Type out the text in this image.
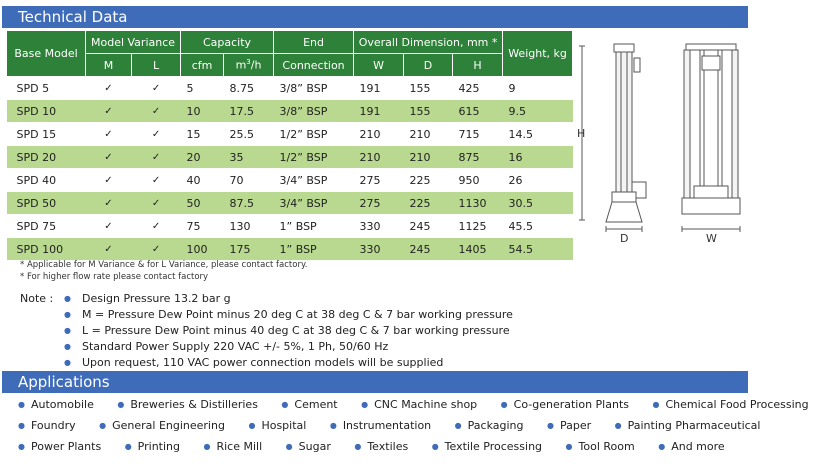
Technical Data
Base Model	Model Variance		Capacity		End	Overall Dimension, mm *			Weight, kg
	M	L	cfm	$m^3/h$	Connection	W	D	H	
SPD 5	✓	✓	5	8.75	3/8” BSP	191	155	425	9
SPD 10	✓	✓	10	17.5	3/8” BSP	191	155	615	9.5
SPD 15	✓	✓	15	25.5	1/2” BSP	210	210	715	14.5
SPD 20	✓	✓	20	35	1/2” BSP	210	210	875	16
SPD 40	✓	✓	40	70	3/4” BSP	275	225	950	26
SPD 50	✓	✓	50	87.5	3/4” BSP	275	225	1130	30.5
SPD 75	✓	✓	75	130	1” BSP	330	245	1125	45.5
SPD 100	✓	✓	100	175	1” BSP	330	245	1405	54.5
H
D	W
* Applicable for M Variance & for L Variance, please contact factory.
* For higher flow rate please contact factory
Note :	● Design Pressure 13.2 bar g
● M = Pressure Dew Point minus 20 deg C at 38 deg C & 7 bar working pressure
● L = Pressure Dew Point minus 40 deg C at 38 deg C & 7 bar working pressure
● Standard Power Supply 220 VAC +/- 5%, 1 Ph, 50/60 Hz
● Upon request, 110 VAC power connection models will be supplied
Applications
● Automobile	● Breweries & Distilleries	● Cement	● CNC Machine shop	● Co-generation Plants	● Chemical Food Processing
● Foundry	● General Engineering	● Hospital	● Instrumentation	● Packaging	● Paper	● Painting Pharmaceutical
● Power Plants	● Printing	● Rice Mill	● Sugar	● Textiles	● Textile Processing	● Tool Room	● And more
